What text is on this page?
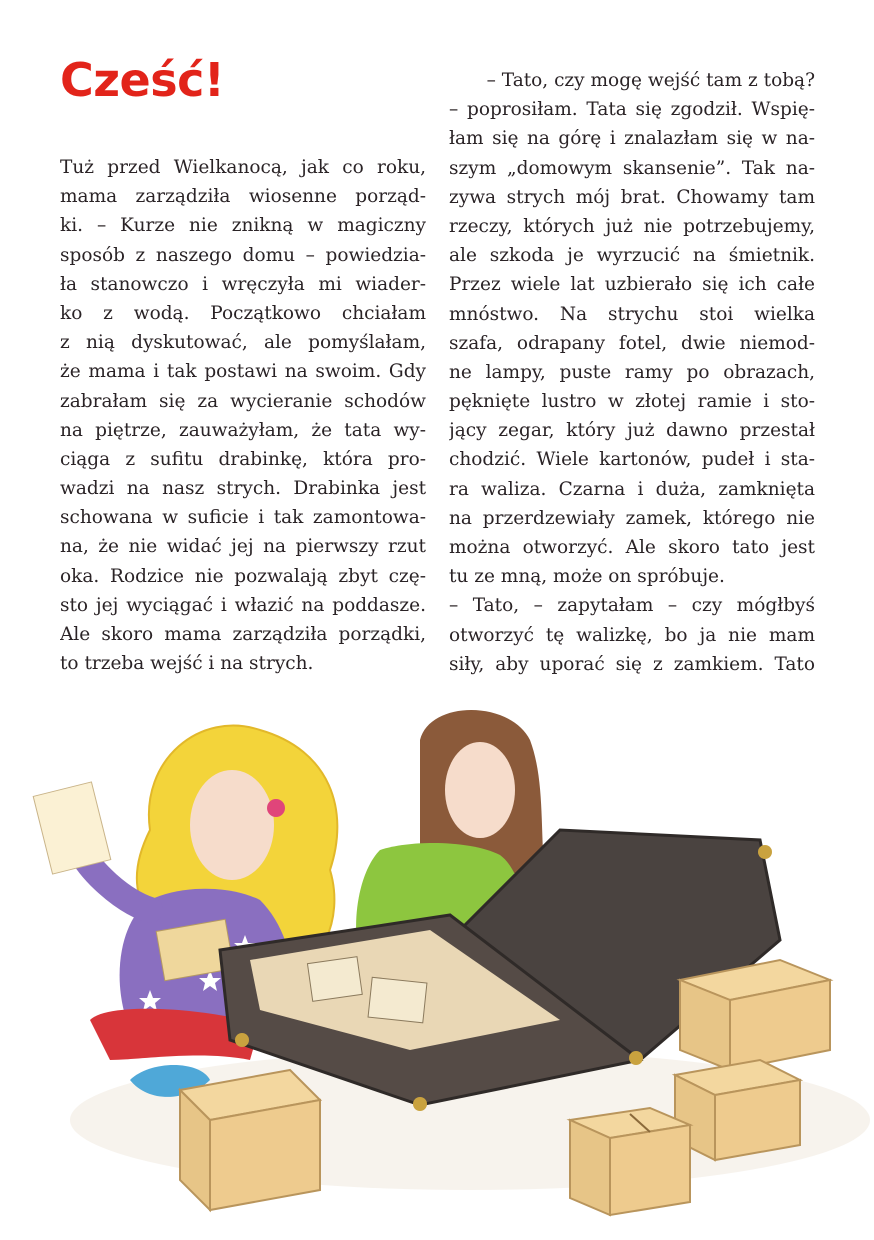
Cześć!
Tuż przed Wielkanocą, jak co roku,
mama zarządziła wiosenne porząd-
ki. – Kurze nie znikną w magiczny
sposób z naszego domu – powiedzia-
ła stanowczo i wręczyła mi wiader-
ko z wodą. Początkowo chciałam
z nią dyskutować, ale pomyślałam,
że mama i tak postawi na swoim. Gdy
zabrałam się za wycieranie schodów
na piętrze, zauważyłam, że tata wy-
ciąga z sufitu drabinkę, która pro-
wadzi na nasz strych. Drabinka jest
schowana w suficie i tak zamontowa-
na, że nie widać jej na pierwszy rzut
oka. Rodzice nie pozwalają zbyt czę-
sto jej wyciągać i włazić na poddasze.
Ale skoro mama zarządziła porządki,
to trzeba wejść i na strych.
– Tato, czy mogę wejść tam z tobą?
– poprosiłam. Tata się zgodził. Wspię-
łam się na górę i znalazłam się w na-
szym „domowym skansenie”. Tak na-
zywa strych mój brat. Chowamy tam
rzeczy, których już nie potrzebujemy,
ale szkoda je wyrzucić na śmietnik.
Przez wiele lat uzbierało się ich całe
mnóstwo. Na strychu stoi wielka
szafa, odrapany fotel, dwie niemod-
ne lampy, puste ramy po obrazach,
pęknięte lustro w złotej ramie i sto-
jący zegar, który już dawno przestał
chodzić. Wiele kartonów, pudeł i sta-
ra waliza. Czarna i duża, zamknięta
na przerdzewiały zamek, którego nie
można otworzyć. Ale skoro tato jest
tu ze mną, może on spróbuje.
– Tato, – zapytałam – czy mógłbyś
otworzyć tę walizkę, bo ja nie mam
siły, aby uporać się z zamkiem. Tato
